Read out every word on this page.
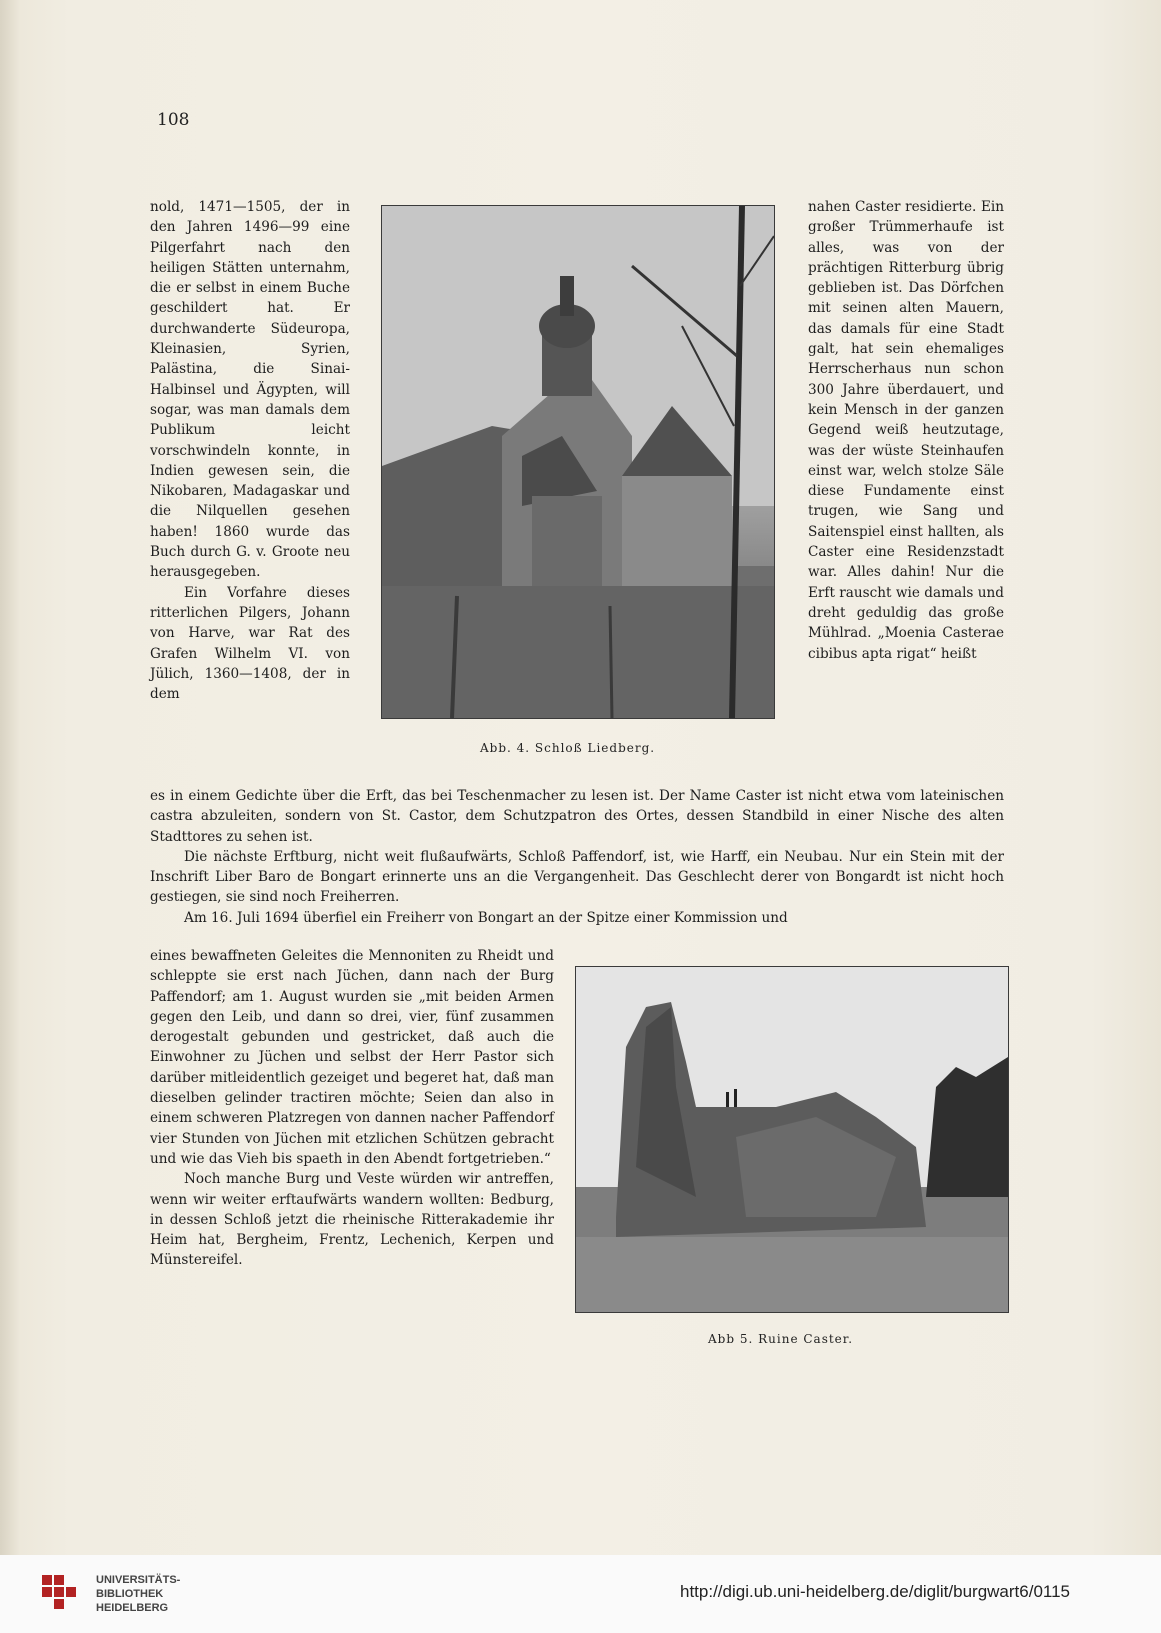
108

nold, 1471—1505, der in den Jahren 1496—99 eine Pilgerfahrt nach den heiligen Stätten unternahm, die er selbst in einem Buche geschildert hat. Er durchwanderte Südeuropa, Kleinasien, Syrien, Palästina, die Sinai-Halbinsel und Ägypten, will sogar, was man damals dem Publikum leicht vorschwindeln konnte, in Indien gewesen sein, die Nikobaren, Madagaskar und die Nilquellen gesehen haben! 1860 wurde das Buch durch G. v. Groote neu herausgegeben.

Ein Vorfahre dieses ritterlichen Pilgers, Johann von Harve, war Rat des Grafen Wilhelm VI. von Jülich, 1360—1408, der in dem

Abb. 4. Schloß Liedberg.

nahen Caster residierte. Ein großer Trümmerhaufe ist alles, was von der prächtigen Ritterburg übrig geblieben ist. Das Dörfchen mit seinen alten Mauern, das damals für eine Stadt galt, hat sein ehemaliges Herrscherhaus nun schon 300 Jahre überdauert, und kein Mensch in der ganzen Gegend weiß heutzutage, was der wüste Steinhaufen einst war, welch stolze Säle diese Fundamente einst trugen, wie Sang und Saitenspiel einst hallten, als Caster eine Residenzstadt war. Alles dahin! Nur die Erft rauscht wie damals und dreht geduldig das große Mühlrad. „Moenia Casterae cibibus apta rigat“ heißt

es in einem Gedichte über die Erft, das bei Teschenmacher zu lesen ist. Der Name Caster ist nicht etwa vom lateinischen castra abzuleiten, sondern von St. Castor, dem Schutzpatron des Ortes, dessen Standbild in einer Nische des alten Stadttores zu sehen ist.

Die nächste Erftburg, nicht weit flußaufwärts, Schloß Paffendorf, ist, wie Harff, ein Neubau. Nur ein Stein mit der Inschrift Liber Baro de Bongart erinnerte uns an die Vergangenheit. Das Geschlecht derer von Bongardt ist nicht hoch gestiegen, sie sind noch Freiherren.

Am 16. Juli 1694 überfiel ein Freiherr von Bongart an der Spitze einer Kommission und

eines bewaffneten Geleites die Mennoniten zu Rheidt und schleppte sie erst nach Jüchen, dann nach der Burg Paffendorf; am 1. August wurden sie „mit beiden Armen gegen den Leib, und dann so drei, vier, fünf zusammen derogestalt gebunden und gestricket, daß auch die Einwohner zu Jüchen und selbst der Herr Pastor sich darüber mitleidentlich gezeiget und begeret hat, daß man dieselben gelinder tractiren möchte; Seien dan also in einem schweren Platzregen von dannen nacher Paffendorf vier Stunden von Jüchen mit etzlichen Schützen gebracht und wie das Vieh bis spaeth in den Abendt fortgetrieben.“

Noch manche Burg und Veste würden wir antreffen, wenn wir weiter erftaufwärts wandern wollten: Bedburg, in dessen Schloß jetzt die rheinische Ritterakademie ihr Heim hat, Bergheim, Frentz, Lechenich, Kerpen und Münstereifel.

Abb 5. Ruine Caster.
UNIVERSITÄTS-
BIBLIOTHEK
HEIDELBERG
http://digi.ub.uni-heidelberg.de/diglit/burgwart6/0115
